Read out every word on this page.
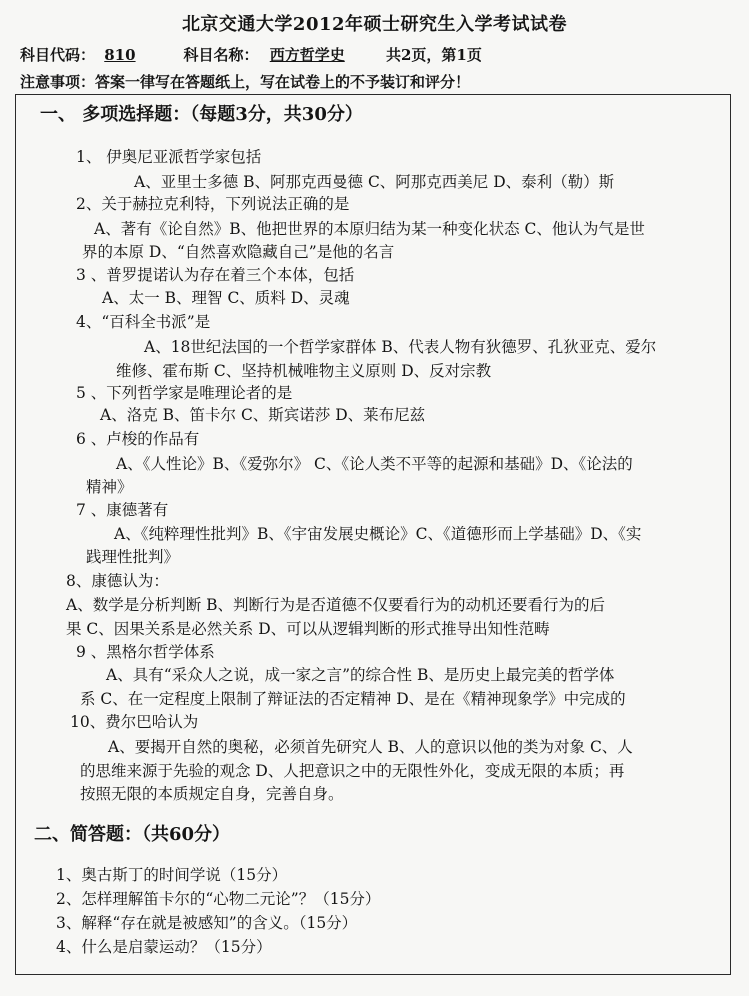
北京交通大学2012年硕士研究生入学考试试卷
科目代码： 810	科目名称： 西方哲学史	共2页，第1页
注意事项：答案一律写在答题纸上，写在试卷上的不予装订和评分！
一、 多项选择题：（每题3分，共30分）
1、 伊奥尼亚派哲学家包括
A、亚里士多德 B、阿那克西曼德 C、阿那克西美尼 D、泰利（勒）斯
2、关于赫拉克利特，下列说法正确的是
A、著有《论自然》B、他把世界的本原归结为某一种变化状态 C、他认为气是世
界的本原 D、“自然喜欢隐藏自己”是他的名言
3 、普罗提诺认为存在着三个本体，包括
A、太一 B、理智 C、质料 D、灵魂
4、“百科全书派”是
A、18世纪法国的一个哲学家群体 B、代表人物有狄德罗、孔狄亚克、爱尔
维修、霍布斯 C、坚持机械唯物主义原则 D、反对宗教
5 、下列哲学家是唯理论者的是
A、洛克 B、笛卡尔 C、斯宾诺莎 D、莱布尼兹
6 、卢梭的作品有
A、《人性论》B、《爱弥尔》 C、《论人类不平等的起源和基础》D、《论法的
精神》
7 、康德著有
A、《纯粹理性批判》B、《宇宙发展史概论》C、《道德形而上学基础》D、《实
践理性批判》
8、康德认为：
A、数学是分析判断 B、判断行为是否道德不仅要看行为的动机还要看行为的后
果 C、因果关系是必然关系 D、可以从逻辑判断的形式推导出知性范畴
9 、黑格尔哲学体系
A、具有“采众人之说，成一家之言”的综合性 B、是历史上最完美的哲学体
系 C、在一定程度上限制了辩证法的否定精神 D、是在《精神现象学》中完成的
10、费尔巴哈认为
A、要揭开自然的奥秘，必须首先研究人 B、人的意识以他的类为对象 C、人
的思维来源于先验的观念 D、人把意识之中的无限性外化，变成无限的本质；再
按照无限的本质规定自身，完善自身。
二、简答题：（共60分）
1、奥古斯丁的时间学说（15分）
2、怎样理解笛卡尔的“心物二元论”？（15分）
3、解释“存在就是被感知”的含义。（15分）
4、什么是启蒙运动？（15分）
